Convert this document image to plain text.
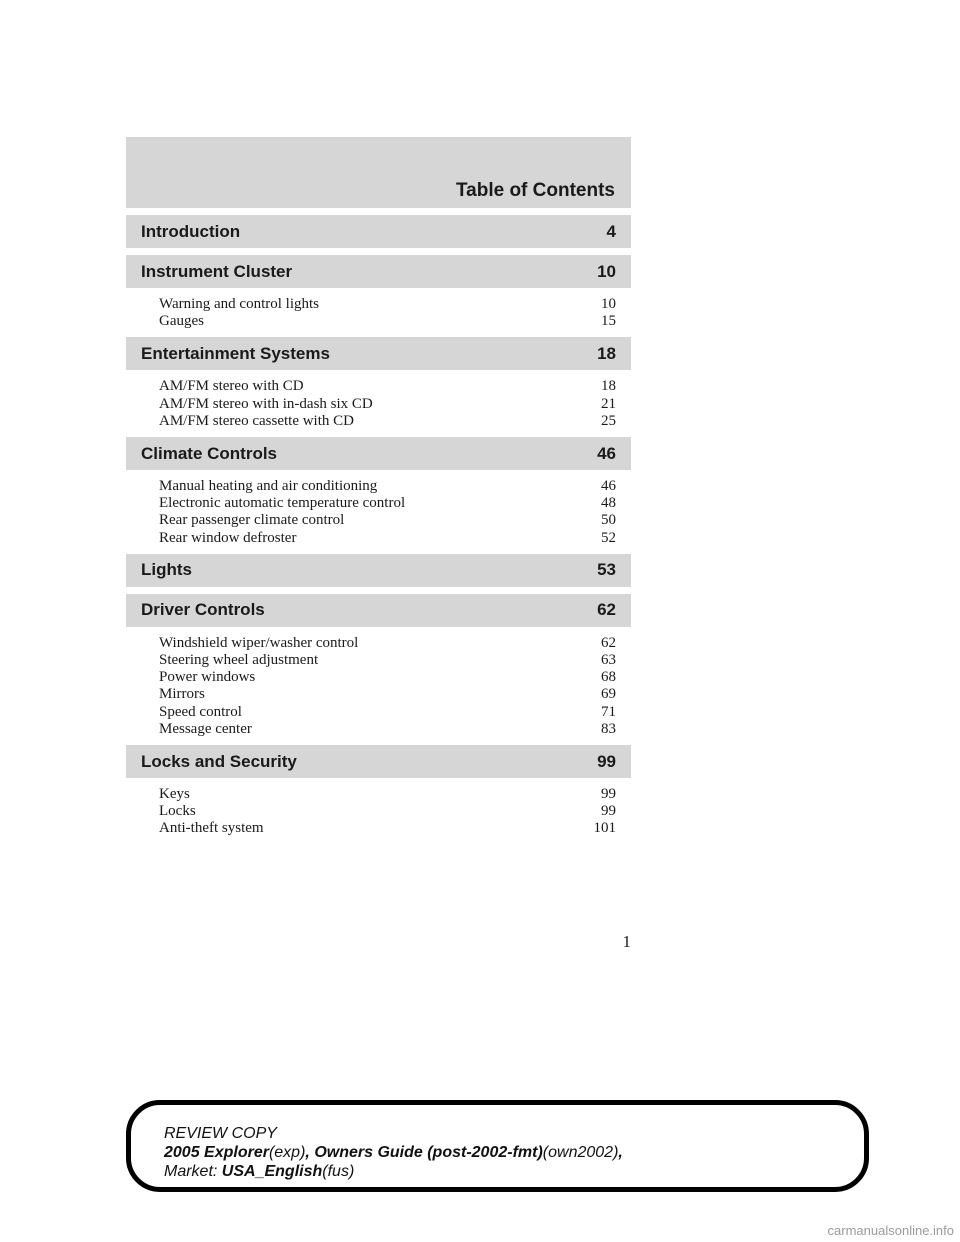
Table of Contents
Introduction	4
Instrument Cluster	10
Warning and control lights	10
Gauges	15
Entertainment Systems	18
AM/FM stereo with CD	18
AM/FM stereo with in-dash six CD	21
AM/FM stereo cassette with CD	25
Climate Controls	46
Manual heating and air conditioning	46
Electronic automatic temperature control	48
Rear passenger climate control	50
Rear window defroster	52
Lights	53
Driver Controls	62
Windshield wiper/washer control	62
Steering wheel adjustment	63
Power windows	68
Mirrors	69
Speed control	71
Message center	83
Locks and Security	99
Keys	99
Locks	99
Anti-theft system	101
1
REVIEW COPY
2005 Explorer(exp), Owners Guide (post-2002-fmt)(own2002),
Market: USA_English(fus)
carmanualsonline.info
